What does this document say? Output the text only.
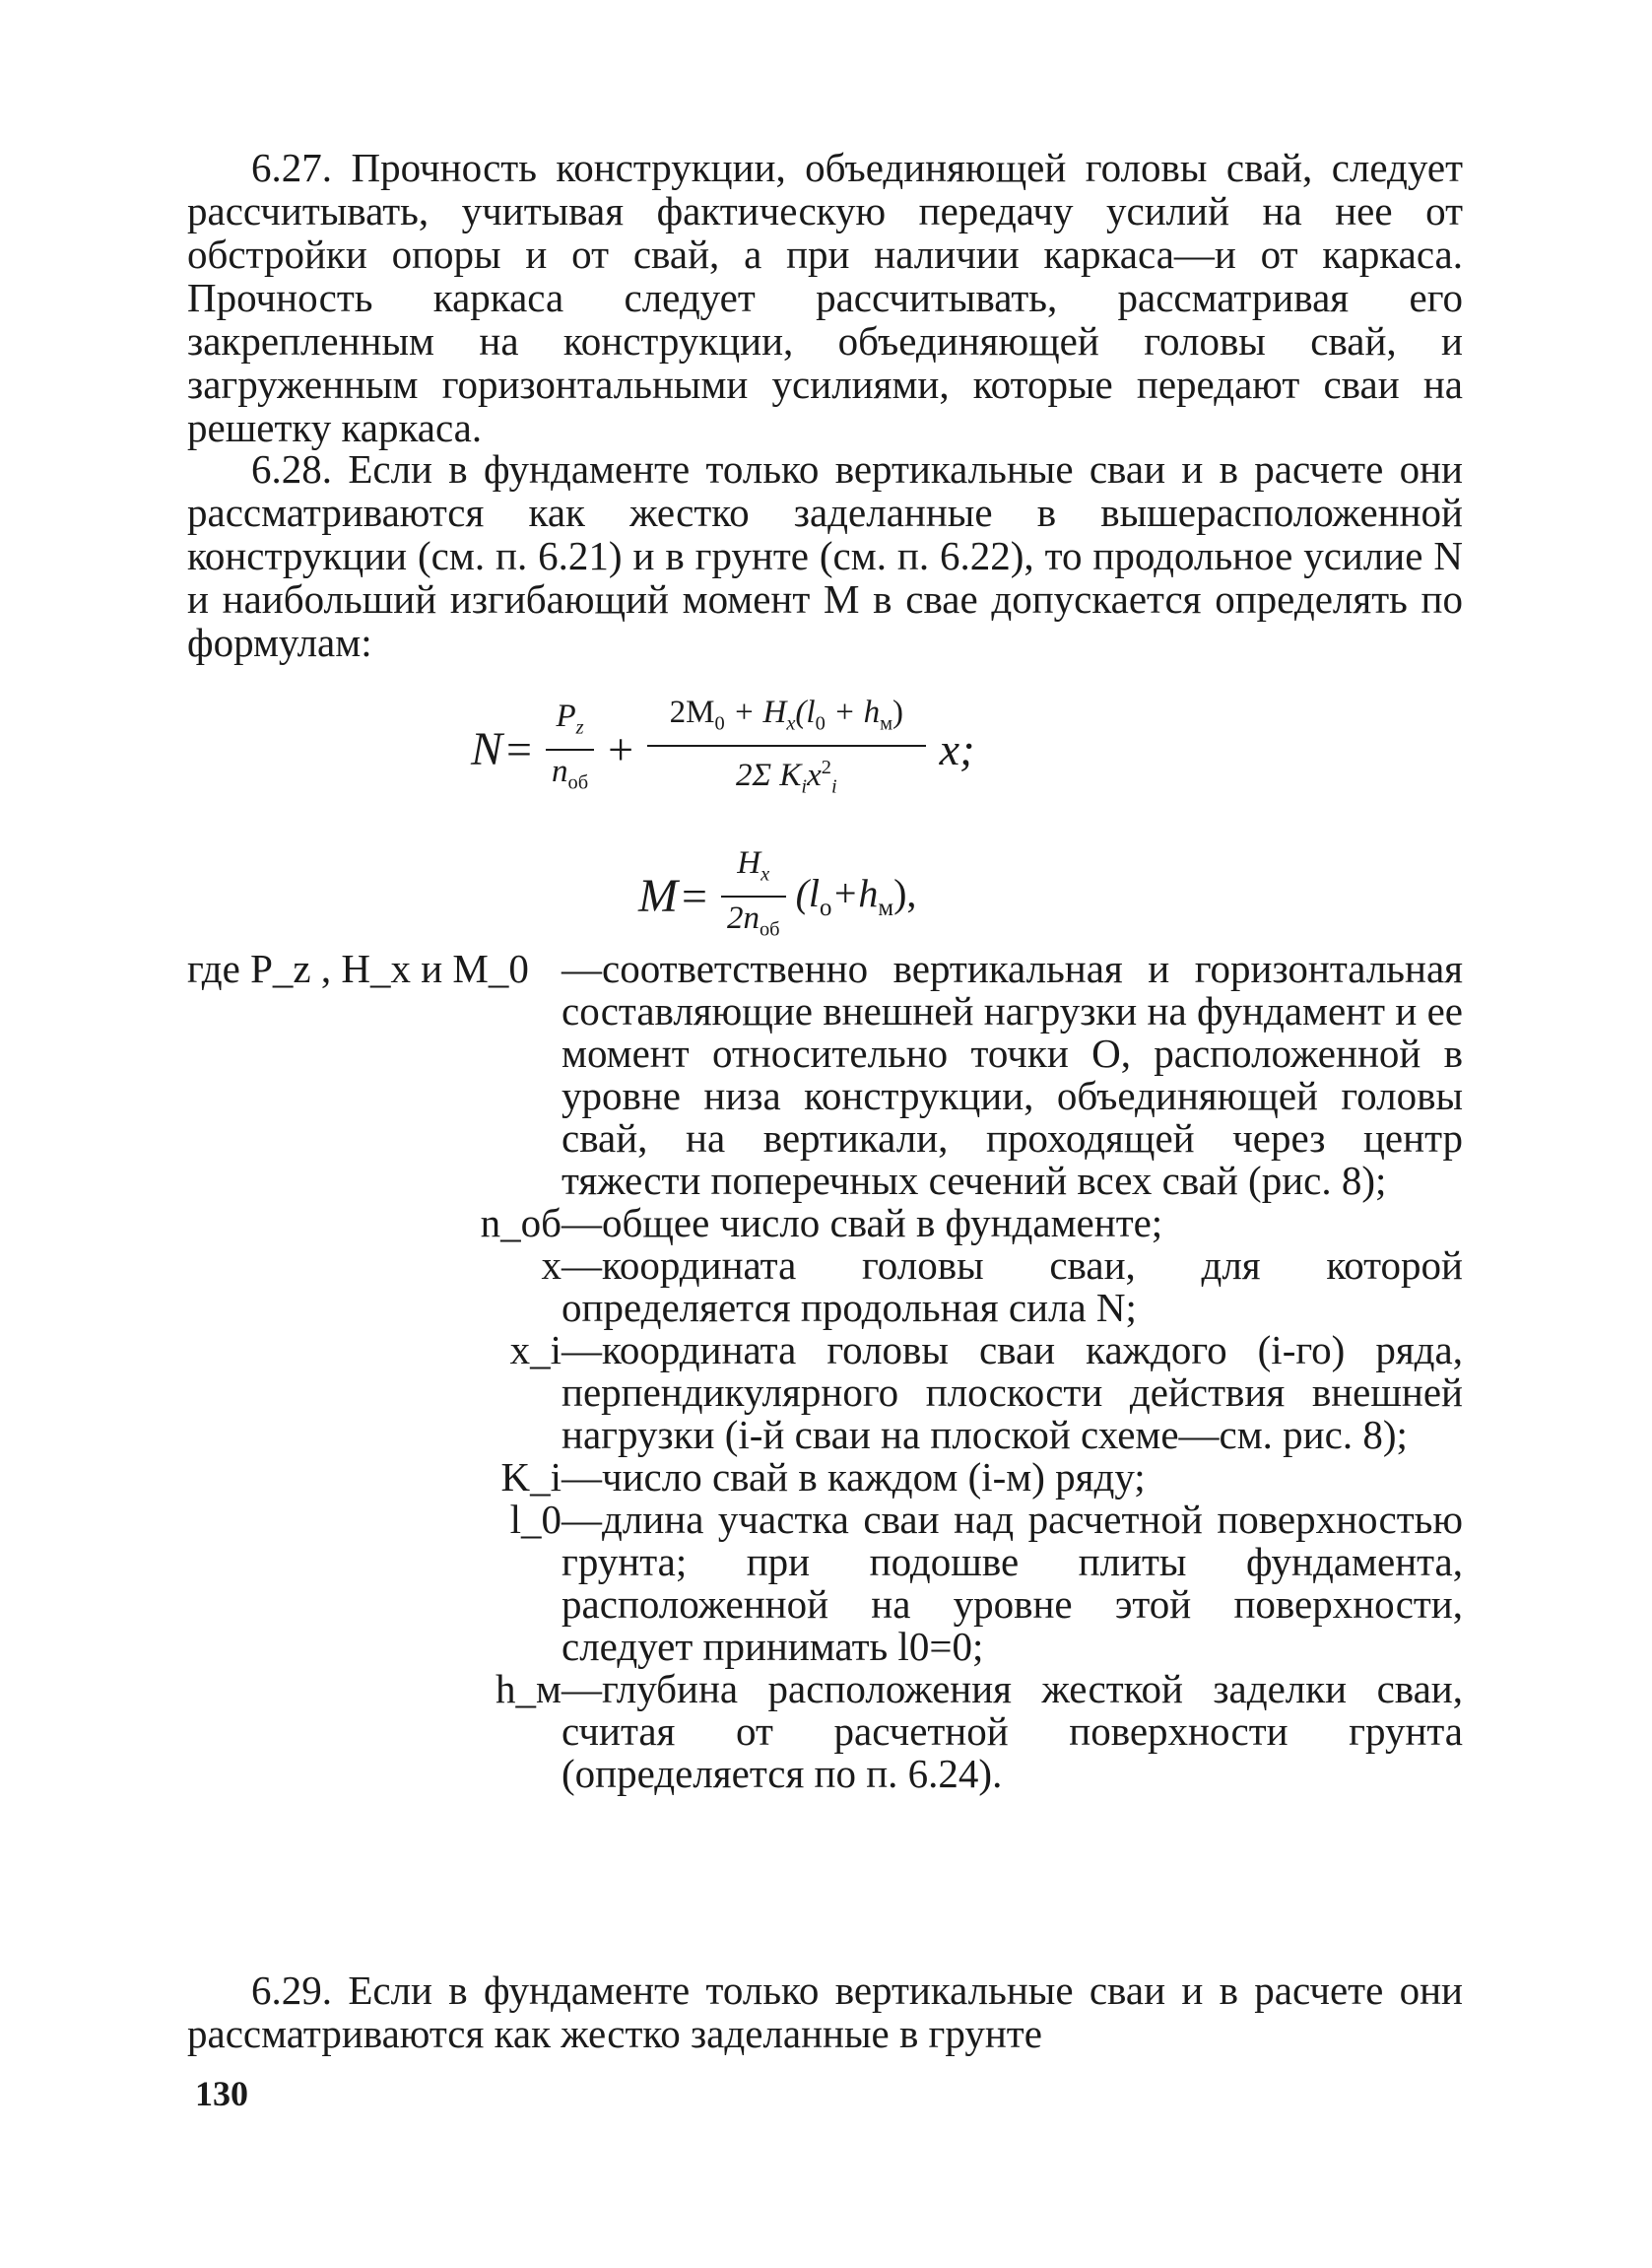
6.27. Прочность конструкции, объединяющей головы свай, следует рассчитывать, учитывая фактическую передачу усилий на нее от обстройки опоры и от свай, а при наличии каркаса—и от каркаса. Прочность каркаса следует рассчитывать, рассматривая его закрепленным на конструкции, объединяющей головы свай, и загруженным горизонтальными усилиями, которые передают сваи на решетку каркаса.

6.28. Если в фундаменте только вертикальные сваи и в расчете они рассматриваются как жестко заделанные в вышерасположенной конструкции (см. п. 6.21) и в грунте (см. п. 6.22), то продольное усилие N и наибольший изгибающий момент M в свае допускается определять по формулам:

$N = \frac{P_z}{n_{об}} + \frac{2M_0 + H_x(l_0 + h_м)}{2\Sigma K_ix^2_i} x$;
$M = \frac{H_x}{2n_{об}} (l_о+h_м)$,
где P_z , H_x и M_0 —соответственно вертикальная и горизонтальная составляющие внешней нагрузки на фундамент и ее момент относительно точки O, расположенной в уровне низа конструкции, объединяющей головы свай, на вертикали, проходящей через центр тяжести поперечных сечений всех свай (рис. 8);
n_об —общее число свай в фундаменте;
x —координата головы сваи, для которой определяется продольная сила N;
x_i —координата головы сваи каждого (i-го) ряда, перпендикулярного плоскости действия внешней нагрузки (i-й сваи на плоской схеме—см. рис. 8);
K_i —число свай в каждом (i-м) ряду;
l_0 —длина участка сваи над расчетной поверхностью грунта; при подошве плиты фундамента, расположенной на уровне этой поверхности, следует принимать l0=0;
h_м —глубина расположения жесткой заделки сваи, считая от расчетной поверхности грунта (определяется по п. 6.24).

6.29. Если в фундаменте только вертикальные сваи и в расчете они рассматриваются как жестко заделанные в грунте

130
